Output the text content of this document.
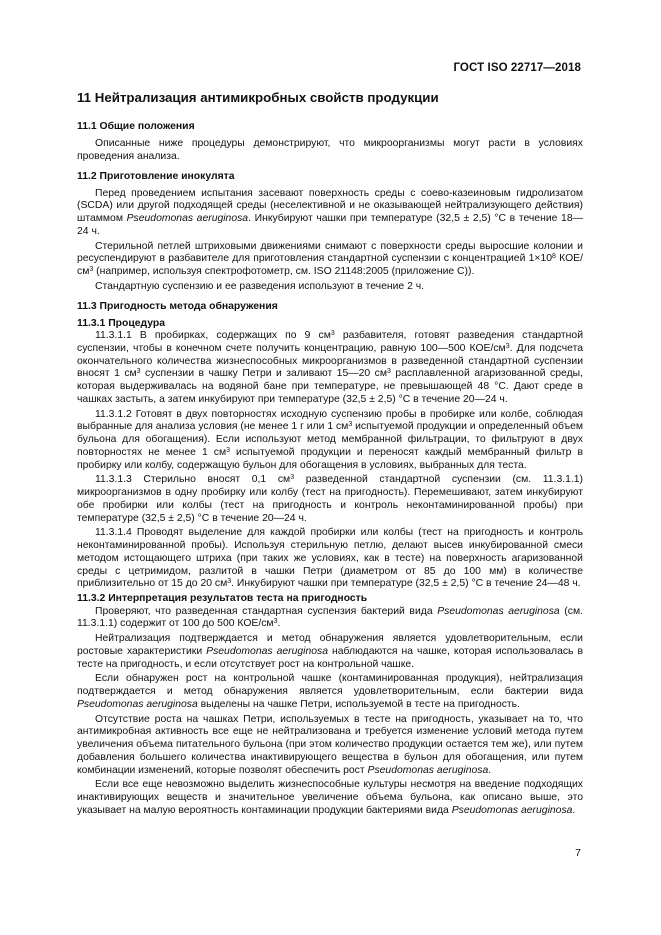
ГОСТ ISO 22717—2018
11 Нейтрализация антимикробных свойств продукции
11.1 Общие положения

Описанные ниже процедуры демонстрируют, что микроорганизмы могут расти в условиях проведения анализа.

11.2 Приготовление инокулята

Перед проведением испытания засевают поверхность среды с соево-казеиновым гидролизатом (SCDA) или другой подходящей среды (неселективной и не оказывающей нейтрализующего действия) штаммом Pseudomonas aeruginosa. Инкубируют чашки при температуре (32,5 ± 2,5) °С в течение 18—24 ч.

Стерильной петлей штриховыми движениями снимают с поверхности среды выросшие колонии и ресуспендируют в разбавителе для приготовления стандартной суспензии с концентрацией $1\times 10^8$ КОЕ/$см^3$ (например, используя спектрофотометр, см. ISO 21148:2005 (приложение С)).

Стандартную суспензию и ее разведения используют в течение 2 ч.

11.3 Пригодность метода обнаружения
11.3.1 Процедура

11.3.1.1 В пробирках, содержащих по 9 $см^3$ разбавителя, готовят разведения стандартной суспензии, чтобы в конечном счете получить концентрацию, равную 100—500 КОЕ/$см^3$. Для подсчета окончательного количества жизнеспособных микроорганизмов в разведенной стандартной суспензии вносят 1 $см^3$ суспензии в чашку Петри и заливают 15—20 $см^3$ расплавленной агаризованной среды, которая выдерживалась на водяной бане при температуре, не превышающей 48 °С. Дают среде в чашках застыть, а затем инкубируют при температуре (32,5 ± 2,5) °С в течение 20—24 ч.

11.3.1.2 Готовят в двух повторностях исходную суспензию пробы в пробирке или колбе, соблюдая выбранные для анализа условия (не менее 1 г или 1 $см^3$ испытуемой продукции и определенный объем бульона для обогащения). Если используют метод мембранной фильтрации, то фильтруют в двух повторностях не менее 1 $см^3$ испытуемой продукции и переносят каждый мембранный фильтр в пробирку или колбу, содержащую бульон для обогащения в условиях, выбранных для теста.

11.3.1.3 Стерильно вносят 0,1 $см^3$ разведенной стандартной суспензии (см. 11.3.1.1) микроорганизмов в одну пробирку или колбу (тест на пригодность). Перемешивают, затем инкубируют обе пробирки или колбы (тест на пригодность и контроль неконтаминированной пробы) при температуре (32,5 ± 2,5) °С в течение 20—24 ч.

11.3.1.4 Проводят выделение для каждой пробирки или колбы (тест на пригодность и контроль неконтаминированной пробы). Используя стерильную петлю, делают высев инкубированной смеси методом истощающего штриха (при таких же условиях, как в тесте) на поверхность агаризованной среды с цетримидом, разлитой в чашки Петри (диаметром от 85 до 100 мм) в количестве приблизительно от 15 до 20 $см^3$. Инкубируют чашки при температуре (32,5 ± 2,5) °С в течение 24—48 ч.

11.3.2 Интерпретация результатов теста на пригодность

Проверяют, что разведенная стандартная суспензия бактерий вида Pseudomonas aeruginosa (см. 11.3.1.1) содержит от 100 до 500 КОЕ/$см^3$.

Нейтрализация подтверждается и метод обнаружения является удовлетворительным, если ростовые характеристики Pseudomonas aeruginosa наблюдаются на чашке, которая использовалась в тесте на пригодность, и если отсутствует рост на контрольной чашке.

Если обнаружен рост на контрольной чашке (контаминированная продукция), нейтрализация подтверждается и метод обнаружения является удовлетворительным, если бактерии вида Pseudomonas aeruginosa выделены на чашке Петри, используемой в тесте на пригодность.

Отсутствие роста на чашках Петри, используемых в тесте на пригодность, указывает на то, что антимикробная активность все еще не нейтрализована и требуется изменение условий метода путем увеличения объема питательного бульона (при этом количество продукции остается тем же), или путем добавления большего количества инактивирующего вещества в бульон для обогащения, или путем комбинации изменений, которые позволят обеспечить рост Pseudomonas aeruginosa.

Если все еще невозможно выделить жизнеспособные культуры несмотря на введение подходящих инактивирующих веществ и значительное увеличение объема бульона, как описано выше, это указывает на малую вероятность контаминации продукции бактериями вида Pseudomonas aeruginosa.

7
